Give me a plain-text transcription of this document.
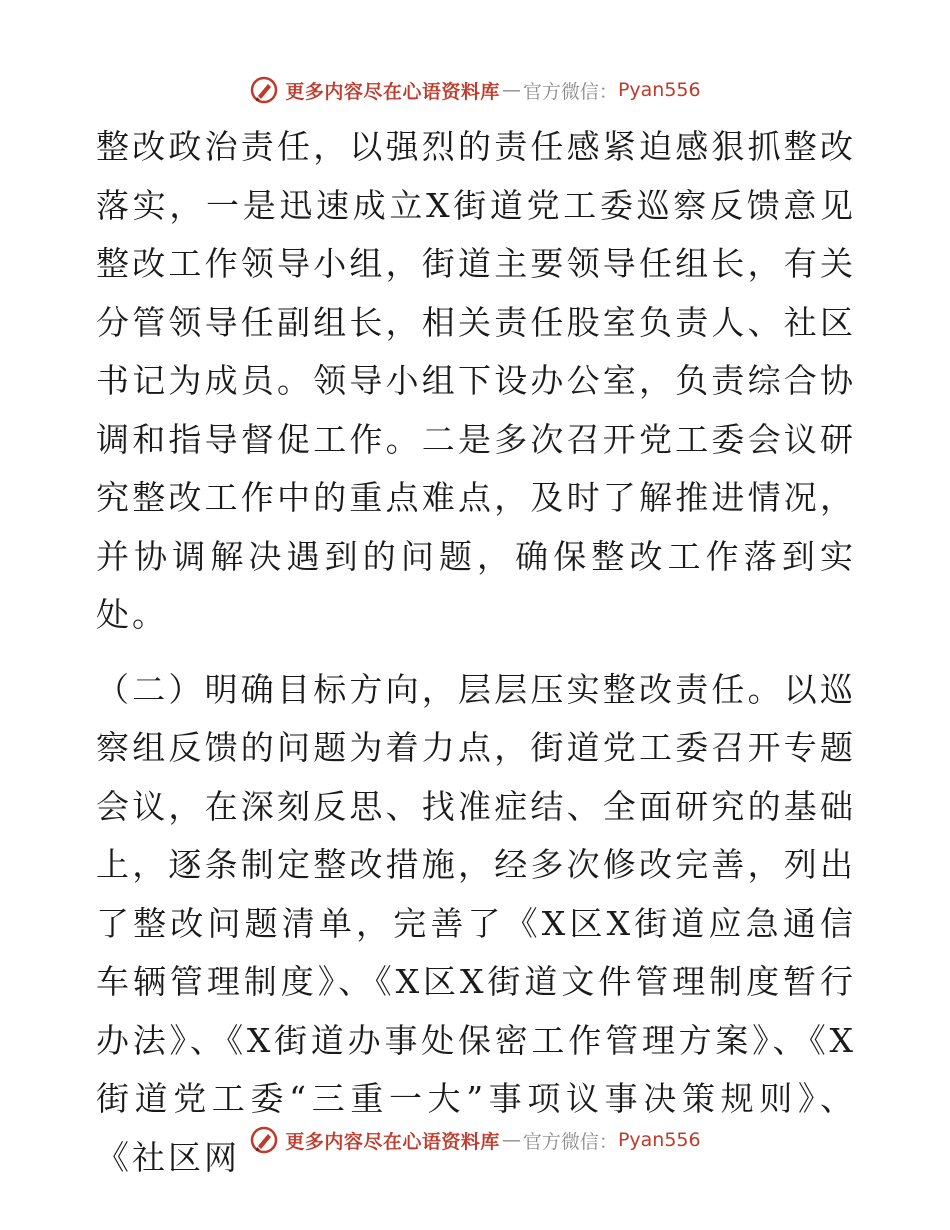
更多内容尽在心语资料库 — 官方微信： Pyan556

整改政治责任，以强烈的责任感紧迫感狠抓整改落实，一是迅速成立X街道党工委巡察反馈意见整改工作领导小组，街道主要领导任组长，有关分管领导任副组长，相关责任股室负责人、社区书记为成员。领导小组下设办公室，负责综合协调和指导督促工作。二是多次召开党工委会议研究整改工作中的重点难点，及时了解推进情况，并协调解决遇到的问题，确保整改工作落到实处。

（二）明确目标方向，层层压实整改责任。以巡察组反馈的问题为着力点，街道党工委召开专题会议，在深刻反思、找准症结、全面研究的基础上，逐条制定整改措施，经多次修改完善，列出了整改问题清单，完善了《X区X街道应急通信车辆管理制度》、《X区X街道文件管理制度暂行办法》、《X街道办事处保密工作管理方案》、《X街道党工委“三重一大”事项议事决策规则》、《社区网	更多内容尽在心语资料库 — 官方微信： Pyan556
